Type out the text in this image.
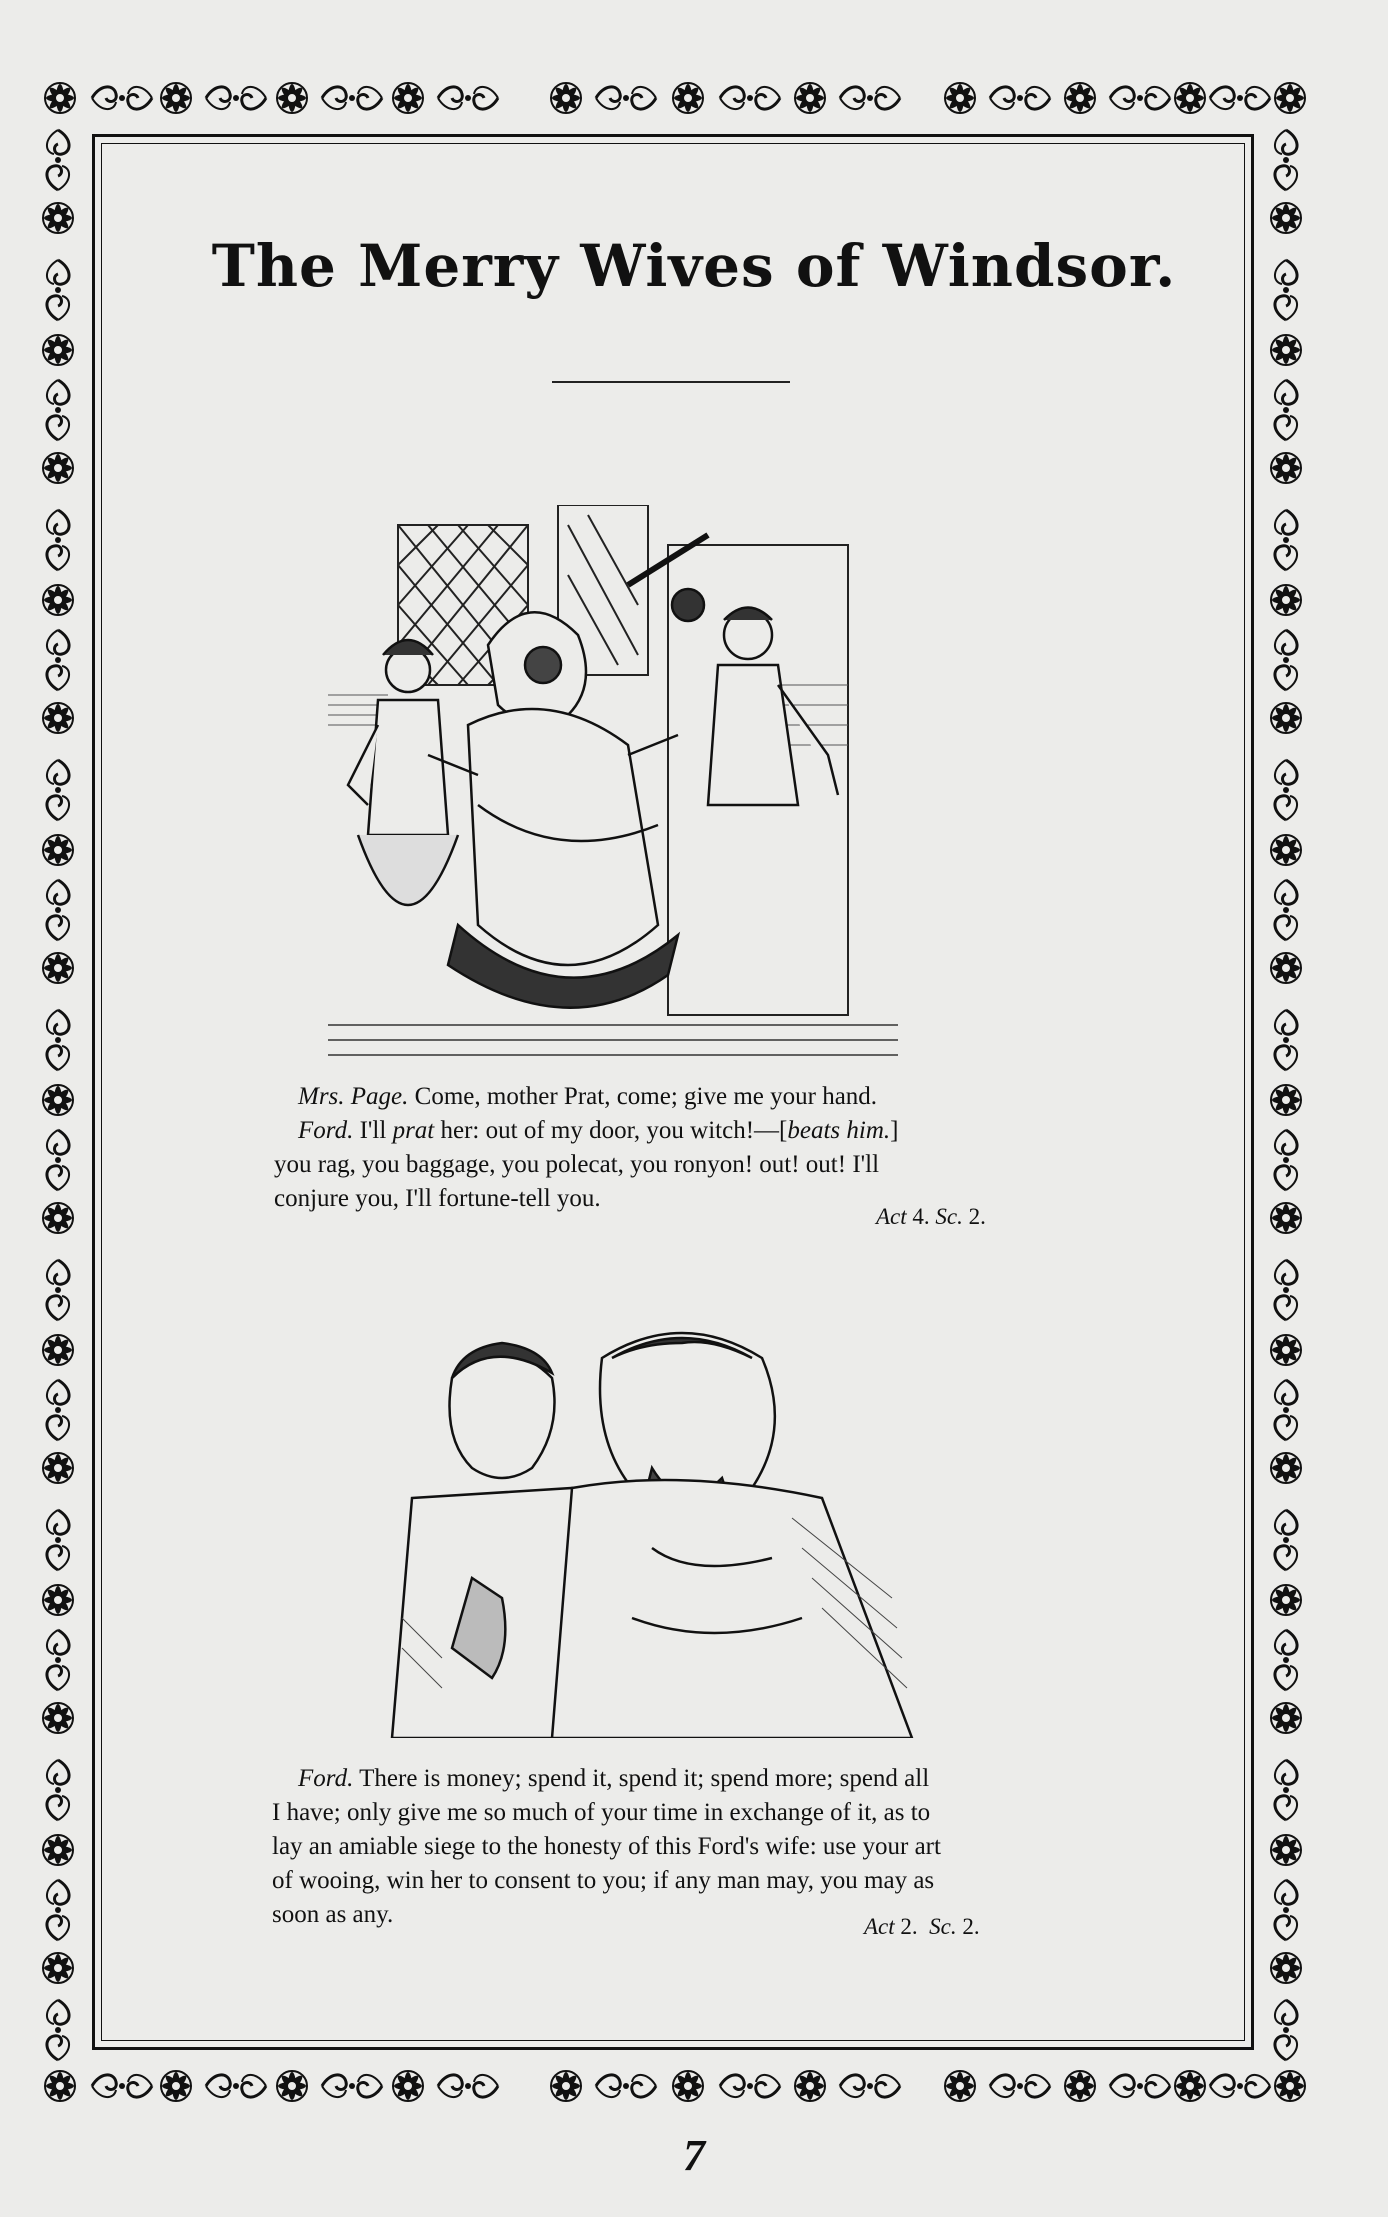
The Merry Wives of Windsor.
Mrs. Page. Come, mother Prat, come; give me your hand.
Ford. I'll prat her: out of my door, you witch!—[beats him.]
you rag, you baggage, you polecat, you ronyon! out! out! I'll
conjure you, I'll fortune-tell you.
Act 4. Sc. 2.
Ford. There is money; spend it, spend it; spend more; spend all
I have; only give me so much of your time in exchange of it, as to
lay an amiable siege to the honesty of this Ford's wife: use your art
of wooing, win her to consent to you; if any man may, you may as
soon as any.	Act 2. Sc. 2.
7
